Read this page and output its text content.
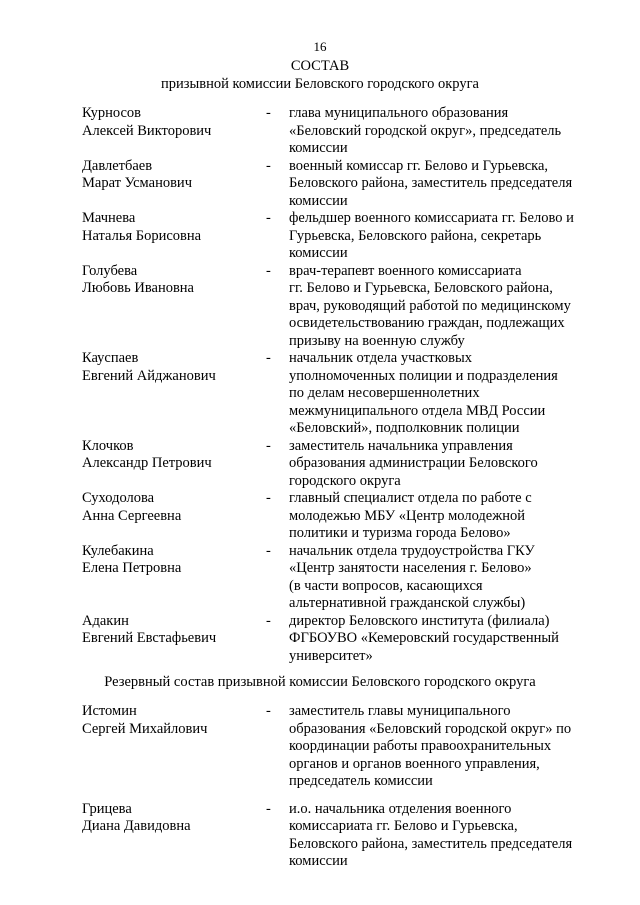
16
СОСТАВ
призывной комиссии Беловского городского округа
Курносов
Алексей Викторович
-	глава муниципального образования
«Беловский городской округ», председатель
комиссии
Давлетбаев
Марат Усманович
-	военный комиссар гг. Белово и Гурьевска,
Беловского района, заместитель председателя
комиссии
Мачнева
Наталья Борисовна
-	фельдшер военного комиссариата гг. Белово и
Гурьевска, Беловского района, секретарь
комиссии
Голубева
Любовь Ивановна
-	врач-терапевт военного комиссариата
гг. Белово и Гурьевска, Беловского района,
врач, руководящий работой по медицинскому
освидетельствованию граждан, подлежащих
призыву на военную службу
Кауспаев
Евгений Айджанович
-	начальник отдела участковых
уполномоченных полиции и подразделения
по делам несовершеннолетних
межмуниципального отдела МВД России
«Беловский», подполковник полиции
Клочков
Александр Петрович
-	заместитель начальника управления
образования администрации Беловского
городского округа
Суходолова
Анна Сергеевна
-	главный специалист отдела по работе с
молодежью МБУ «Центр молодежной
политики и туризма города Белово»
Кулебакина
Елена Петровна
-	начальник отдела трудоустройства ГКУ
«Центр занятости населения г. Белово»
(в части вопросов, касающихся
альтернативной гражданской службы)
Адакин
Евгений Евстафьевич
-	директор Беловского института (филиала)
ФГБОУВО «Кемеровский государственный
университет»
Резервный состав призывной комиссии Беловского городского округа
Истомин
Сергей Михайлович
-	заместитель главы муниципального
образования «Беловский городской округ» по
координации работы правоохранительных
органов и органов военного управления,
председатель комиссии
Грицева
Диана Давидовна
-	и.о. начальника отделения военного
комиссариата гг. Белово и Гурьевска,
Беловского района, заместитель председателя
комиссии
